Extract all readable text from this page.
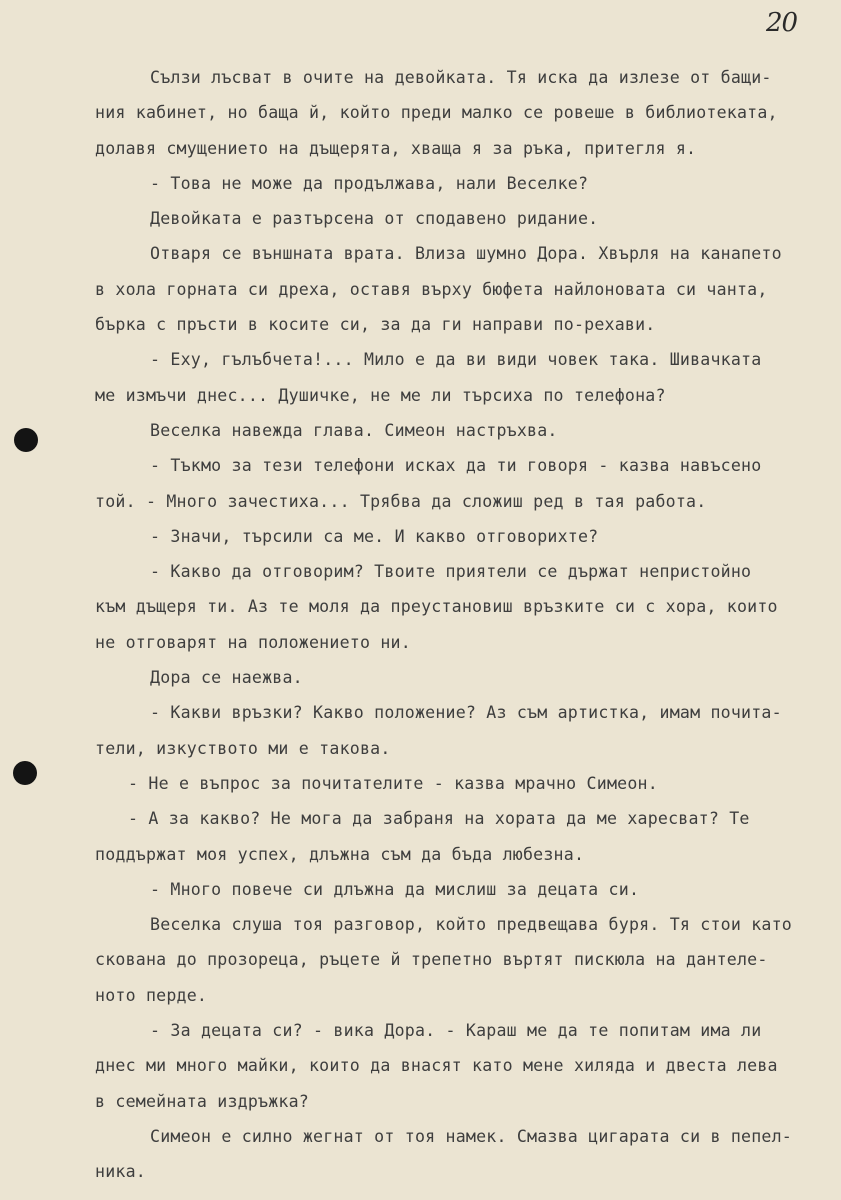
20
Сълзи лъсват в очите на девойката. Тя иска да излезе от бащи-
ния кабинет, но баща й, който преди малко се ровеше в библиотеката,
долавя смущението на дъщерята, хваща я за ръка, притегля я.
- Това не може да продължава, нали Веселке?
Девойката е разтърсена от сподавено ридание.
Отваря се външната врата. Влиза шумно Дора. Хвърля на канапето
в хола горната си дреха, оставя върху бюфета найлоновата си чанта,
бърка с пръсти в косите си, за да ги направи по-рехави.
- Еху, гълъбчета!... Мило е да ви види човек така. Шивачката
ме измъчи днес... Душичке, не ме ли търсиха по телефона?
Веселка навежда глава. Симеон настръхва.
- Тъкмо за тези телефони исках да ти говоря - казва навъсено
той. - Много зачестиха... Трябва да сложиш ред в тая работа.
- Значи, търсили са ме. И какво отговорихте?
- Какво да отговорим? Твоите приятели се държат непристойно
към дъщеря ти. Аз те моля да преустановиш връзките си с хора, които
не отговарят на положението ни.
Дора се наежва.
- Какви връзки? Какво положение? Аз съм артистка, имам почита-
тели, изкуството ми е такова.
- Не е въпрос за почитателите - казва мрачно Симеон.
- А за какво? Не мога да забраня на хората да ме харесват? Те
поддържат моя успех, длъжна съм да бъда любезна.
- Много повече си длъжна да мислиш за децата си.
Веселка слуша тоя разговор, който предвещава буря. Тя стои като
скована до прозореца, ръцете й трепетно въртят пискюла на дантеле-
ното перде.
- За децата си? - вика Дора. - Караш ме да те попитам има ли
днес ми много майки, които да внасят като мене хиляда и двеста лева
в семейната издръжка?
Симеон е силно жегнат от тоя намек. Смазва цигарата си в пепел-
ника.
